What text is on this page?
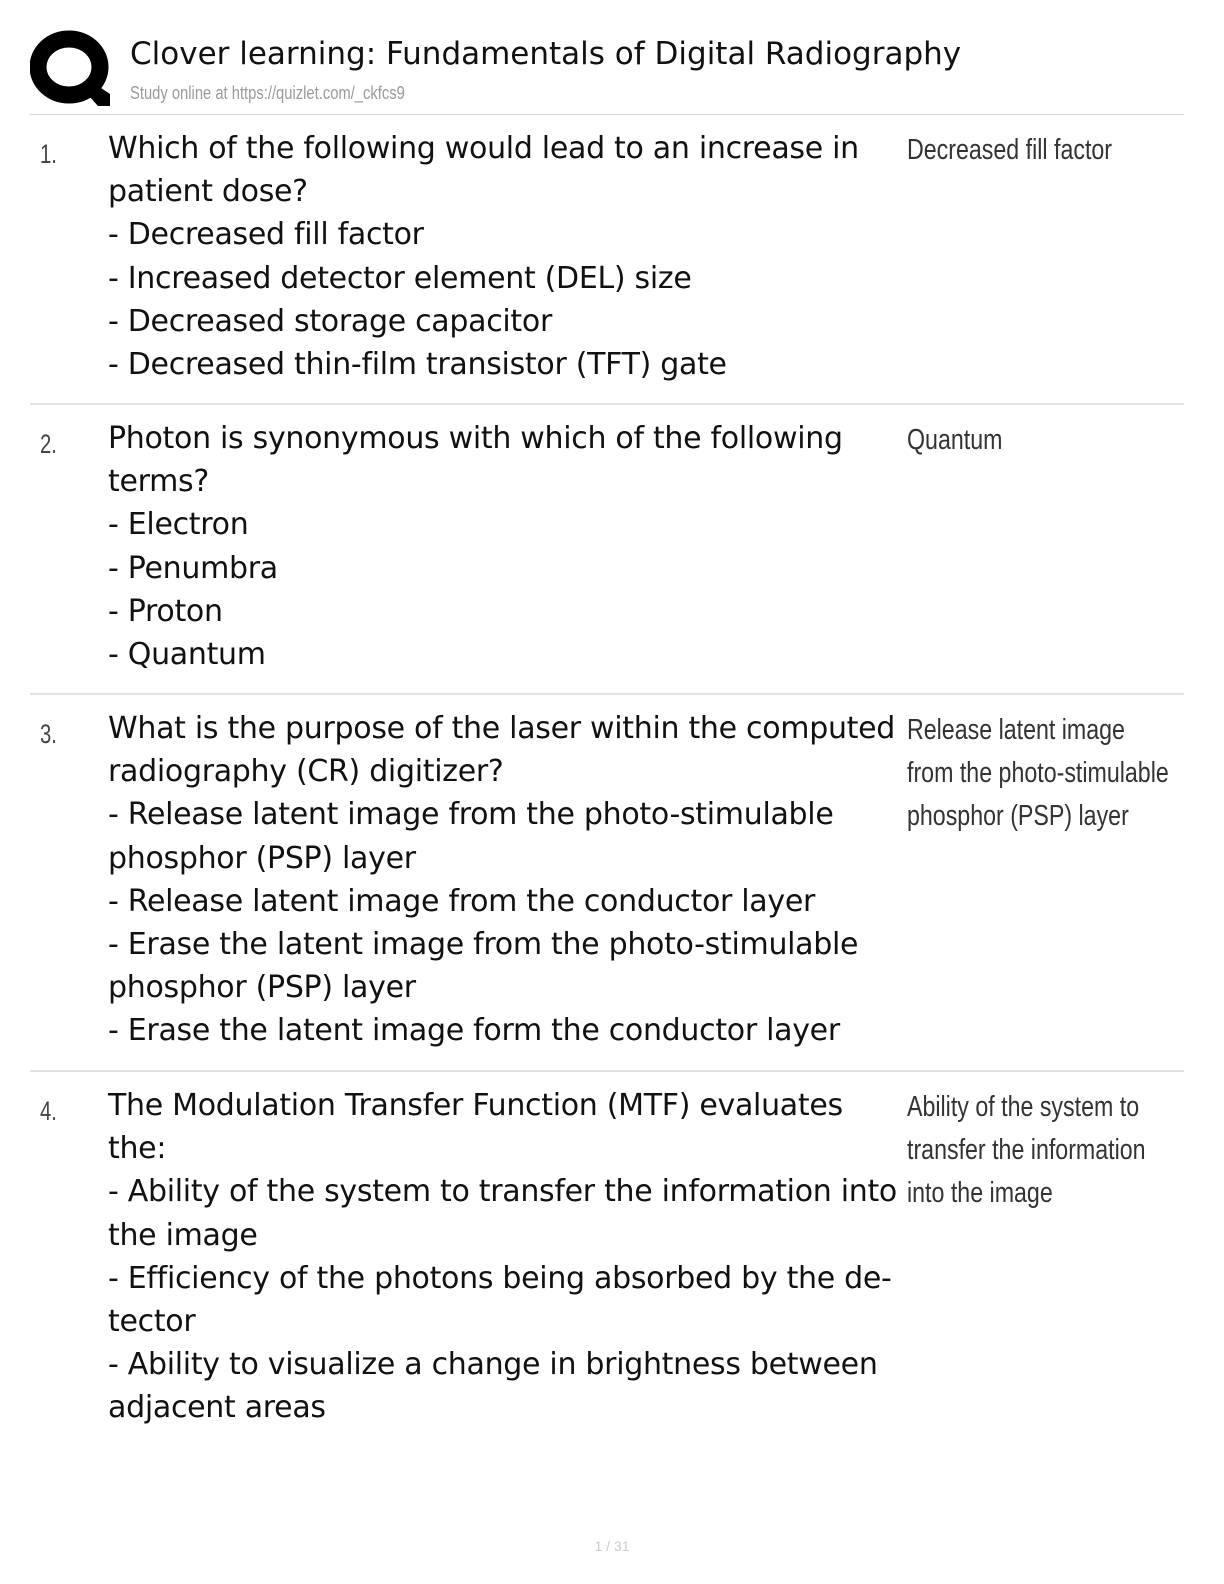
Clover learning: Fundamentals of Digital Radiography
Study online at https://quizlet.com/_ckfcs9
1. Which of the following would lead to an increase in
patient dose?
- Decreased fill factor
- Increased detector element (DEL) size
- Decreased storage capacitor
- Decreased thin-film transistor (TFT) gate
Decreased fill factor
2. Photon is synonymous with which of the following
terms?
- Electron
- Penumbra
- Proton
- Quantum
Quantum
3. What is the purpose of the laser within the computed
radiography (CR) digitizer?
- Release latent image from the photo-stimulable
phosphor (PSP) layer
- Release latent image from the conductor layer
- Erase the latent image from the photo-stimulable
phosphor (PSP) layer
- Erase the latent image form the conductor layer
Release latent image
from the photo-stimulable
phosphor (PSP) layer
4. The Modulation Transfer Function (MTF) evaluates
the:
- Ability of the system to transfer the information into
the image
- Efficiency of the photons being absorbed by the de-
tector
- Ability to visualize a change in brightness between
adjacent areas
Ability of the system to
transfer the information
into the image
1 / 31
